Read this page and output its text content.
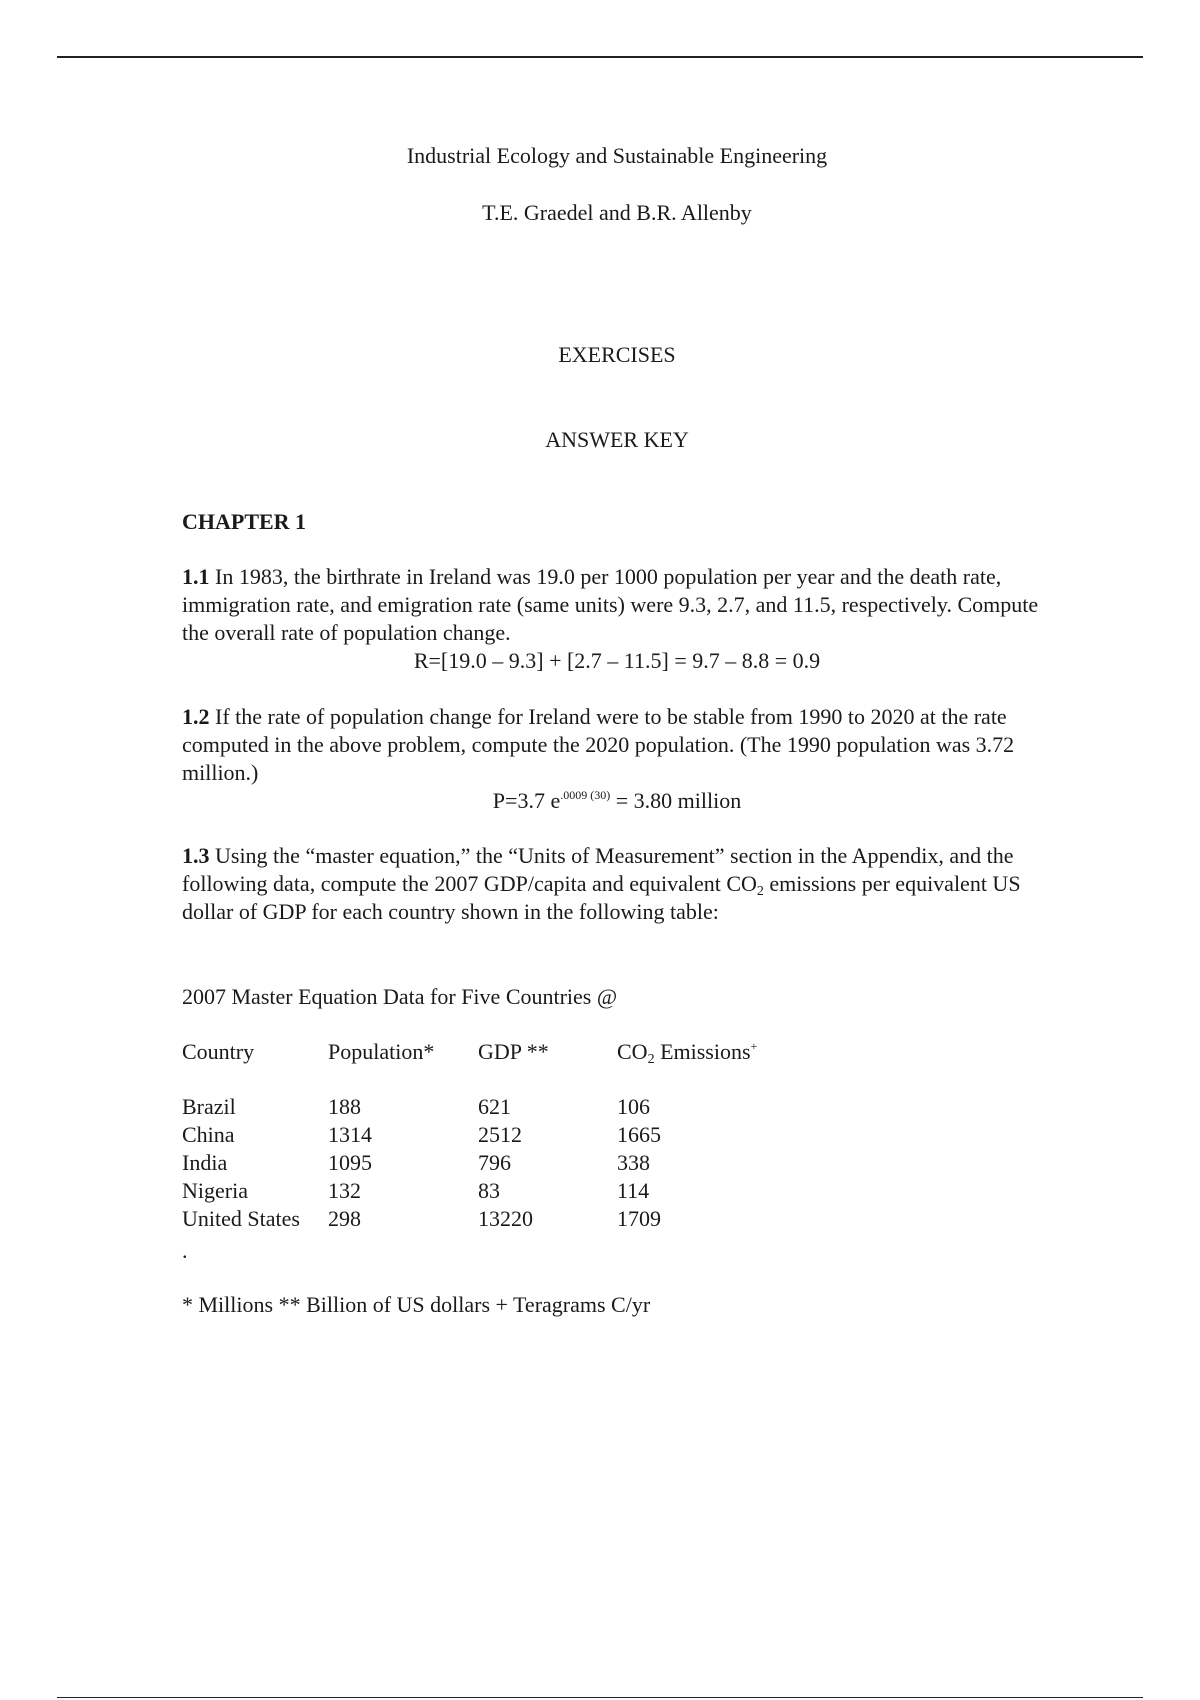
Industrial Ecology and Sustainable Engineering
T.E. Graedel and B.R. Allenby
EXERCISES
ANSWER KEY
CHAPTER 1
1.1 In 1983, the birthrate in Ireland was 19.0 per 1000 population per year and the death rate, immigration rate, and emigration rate (same units) were 9.3, 2.7, and 11.5, respectively. Compute the overall rate of population change.
R=[19.0 – 9.3] + [2.7 – 11.5] = 9.7 – 8.8 = 0.9
1.2 If the rate of population change for Ireland were to be stable from 1990 to 2020 at the rate computed in the above problem, compute the 2020 population. (The 1990 population was 3.72 million.)
P=3.7 $e^{.0009 (30)} = 3.80$ million
1.3 Using the “master equation,” the “Units of Measurement” section in the Appendix, and the following data, compute the 2007 GDP/capita and equivalent $CO_2$ emissions per equivalent US dollar of GDP for each country shown in the following table:
2007 Master Equation Data for Five Countries @
Country	Population*	GDP **	$CO_2$ Emissions+
Brazil	188	621	106
China	1314	2512	1665
India	1095	796	338
Nigeria	132	83	114
United States	298	13220	1709
.
* Millions ** Billion of US dollars + Teragrams C/yr
